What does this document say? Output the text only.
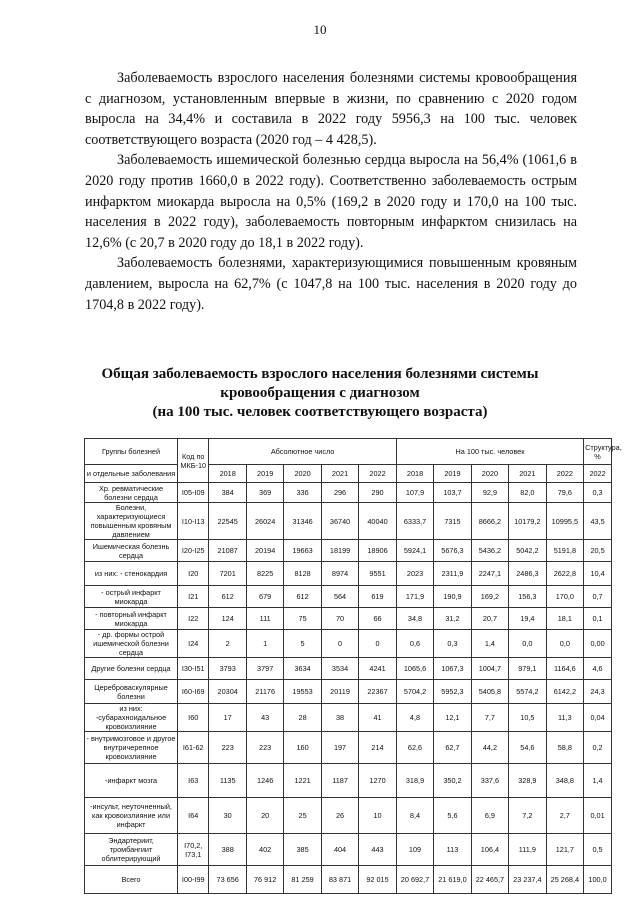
10

Заболеваемость взрослого населения болезнями системы кровообращения с диагнозом, установленным впервые в жизни, по сравнению с 2020 годом выросла на 34,4% и составила в 2022 году 5956,3 на 100 тыс. человек соответствующего возраста (2020 год – 4 428,5).

Заболеваемость ишемической болезнью сердца выросла на 56,4% (1061,6 в 2020 году против 1660,0 в 2022 году). Соответственно заболеваемость острым инфарктом миокарда выросла на 0,5% (169,2 в 2020 году и 170,0 на 100 тыс. населения в 2022 году), заболеваемость повторным инфарктом снизилась на 12,6% (с 20,7 в 2020 году до 18,1 в 2022 году).

Заболеваемость болезнями, характеризующимися повышенным кровяным давлением, выросла на 62,7% (с 1047,8 на 100 тыс. населения в 2020 году до 1704,8 в 2022 году).

Общая заболеваемость взрослого населения болезнями системы
кровообращения с диагнозом
(на 100 тыс. человек соответствующего возраста)
Группы болезней	Код по МКБ-10	Абсолютное число					На 100 тыс. человек					Структура, %
и отдельные заболевания		2018	2019	2020	2021	2022	2018	2019	2020	2021	2022	2022
Хр. ревматические болезни сердца	I05-I09	384	369	336	296	290	107,9	103,7	92,9	82,0	79,6	0,3
Болезни, характеризующиеся повышенным кровяным давлением	I10-I13	22545	26024	31346	36740	40040	6333,7	7315	8666,2	10179,2	10995,5	43,5
Ишемическая болезнь сердца	I20-I25	21087	20194	19663	18199	18906	5924,1	5676,3	5436,2	5042,2	5191,8	20,5
из них: - стенокардия	I20	7201	8225	8128	8974	9551	2023	2311,9	2247,1	2486,3	2622,8	10,4
- острый инфаркт миокарда	I21	612	679	612	564	619	171,9	190,9	169,2	156,3	170,0	0,7
- повторный инфаркт миокарда	I22	124	111	75	70	66	34,8	31,2	20,7	19,4	18,1	0,1
- др. формы острой ишемической болезни сердца	I24	2	1	5	0	0	0,6	0,3	1,4	0,0	0,0	0,00
Другие болезни сердца	I30-I51	3793	3797	3634	3534	4241	1065,6	1067,3	1004,7	979,1	1164,6	4,6
Цереброваскулярные болезни	I60-I69	20304	21176	19553	20119	22367	5704,2	5952,3	5405,8	5574,2	6142,2	24,3
из них: -субарахноидальное кровоизлияние	I60	17	43	28	38	41	4,8	12,1	7,7	10,5	11,3	0,04
- внутримозговое и другое внутричерепное кровоизлияние	I61-62	223	223	160	197	214	62,6	62,7	44,2	54,6	58,8	0,2
-инфаркт мозга	I63	1135	1246	1221	1187	1270	318,9	350,2	337,6	328,9	348,8	1,4
-инсульт, неуточненный, как кровоизлияние или инфаркт	I64	30	20	25	26	10	8,4	5,6	6,9	7,2	2,7	0,01
Эндартериит, тромбангиит облитерирующий	I70,2, I73,1	388	402	385	404	443	109	113	106,4	111,9	121,7	0,5
Всего	I00-I99	73 656	76 912	81 259	83 871	92 015	20 692,7	21 619,0	22 465,7	23 237,4	25 268,4	100,0
